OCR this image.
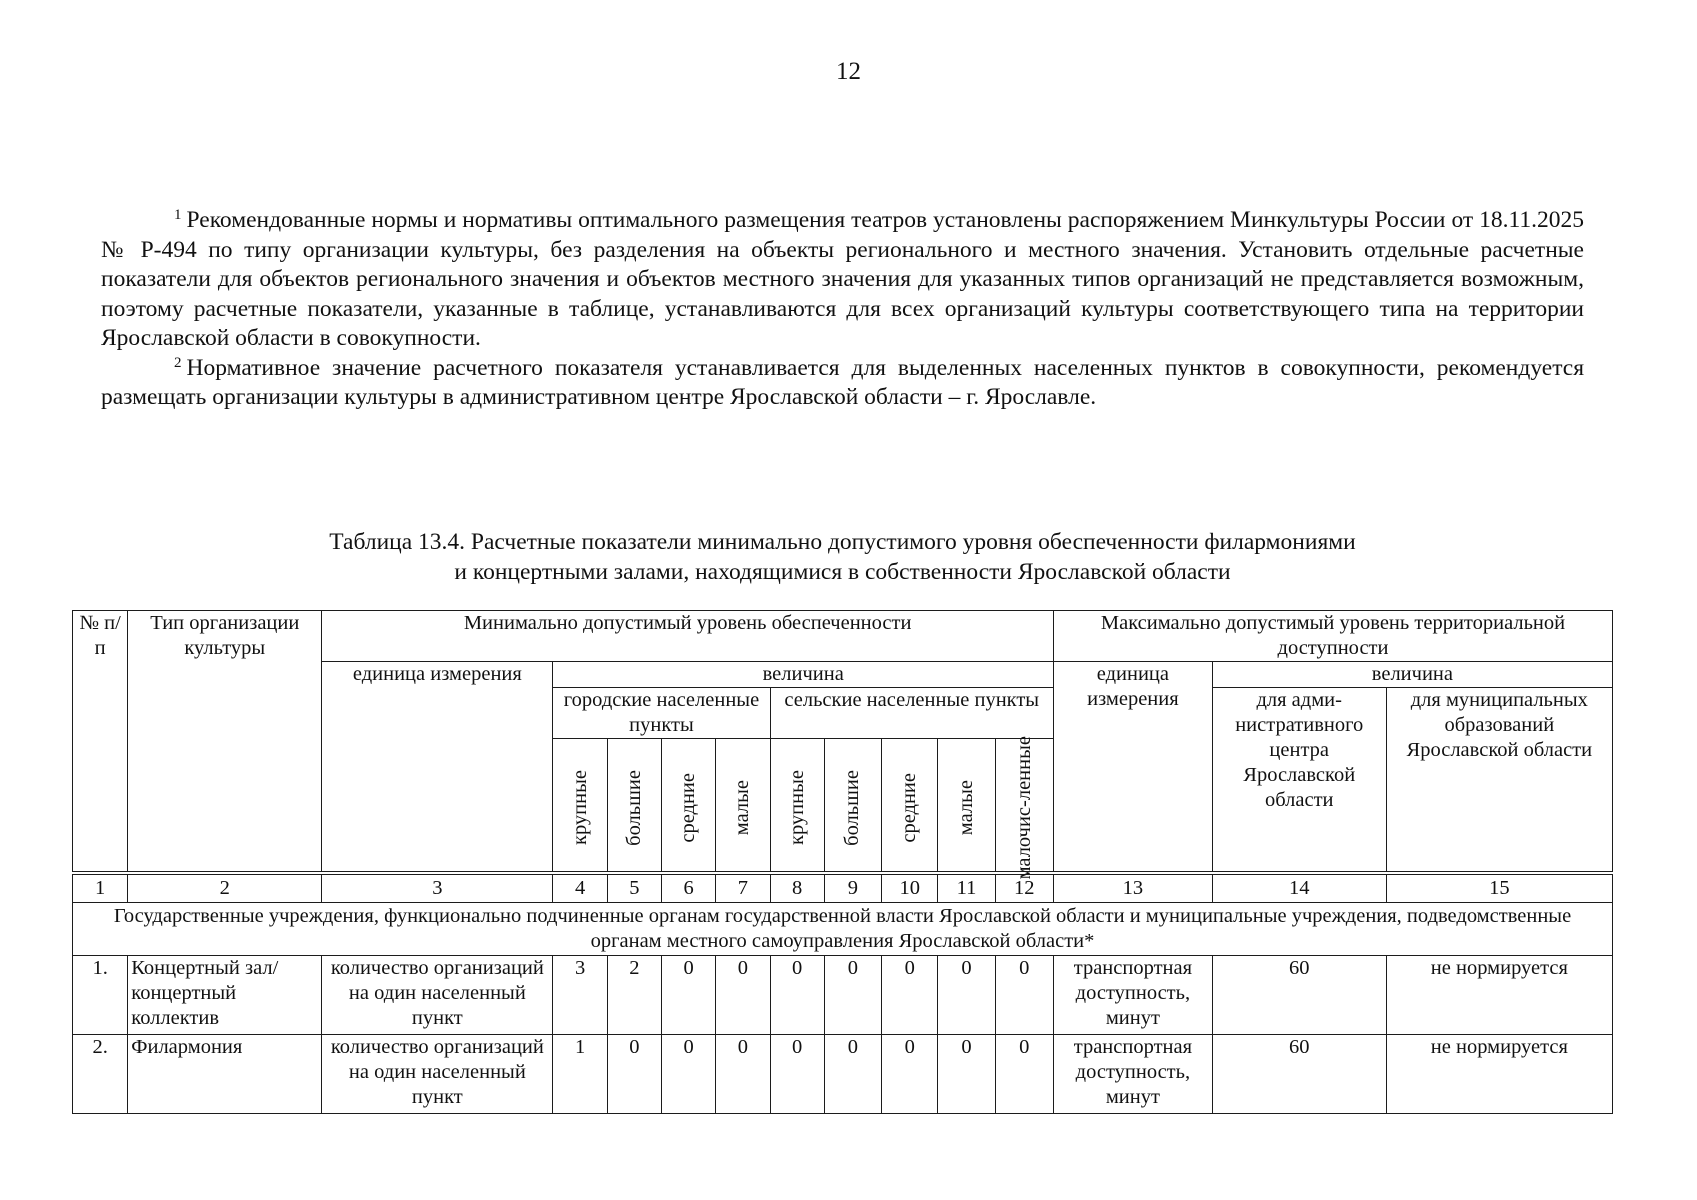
12

$^1$ Рекомендованные нормы и нормативы оптимального размещения театров установлены распоряжением Минкультуры России от 18.11.2025 № Р-494 по типу организации культуры, без разделения на объекты регионального и местного значения. Установить отдельные расчетные показатели для объектов регионального значения и объектов местного значения для указанных типов организаций не представляется возможным, поэтому расчетные показатели, указанные в таблице, устанавливаются для всех организаций культуры соответствующего типа на территории Ярославской области в совокупности.

$^2$ Нормативное значение расчетного показателя устанавливается для выделенных населенных пунктов в совокупности, рекомендуется размещать организации культуры в административном центре Ярославской области – г. Ярославле.

Таблица 13.4. Расчетные показатели минимально допустимого уровня обеспеченности филармониями
и концертными залами, находящимися в собственности Ярославской области
№ п/п	Тип организации культуры	Минимально допустимый уровень обеспеченности										Максимально допустимый уровень территориальной доступности		
		единица измерения	величина									единица измерения	величина	
			городские населенные пункты				сельские населенные пункты						для адми-нистративного центра Ярославской области	для муниципальных образований Ярославской области

			крупные	большие	средние	малые	крупные	большие	средние	малые	малочис-ленные			

1	2	3	4	5	6	7	8	9	10	11	12	13	14	15
Государственные учреждения, функционально подчиненные органам государственной власти Ярославской области и муниципальные учреждения, подведомственные органам местного самоуправления Ярославской области*														
1.	Концертный зал/ концертный коллектив	количество организаций на один населенный пункт	3	2	0	0	0	0	0	0	0	транспортная доступность, минут	60	не нормируется
2.	Филармония	количество организаций на один населенный пункт	1	0	0	0	0	0	0	0	0	транспортная доступность, минут	60	не нормируется
